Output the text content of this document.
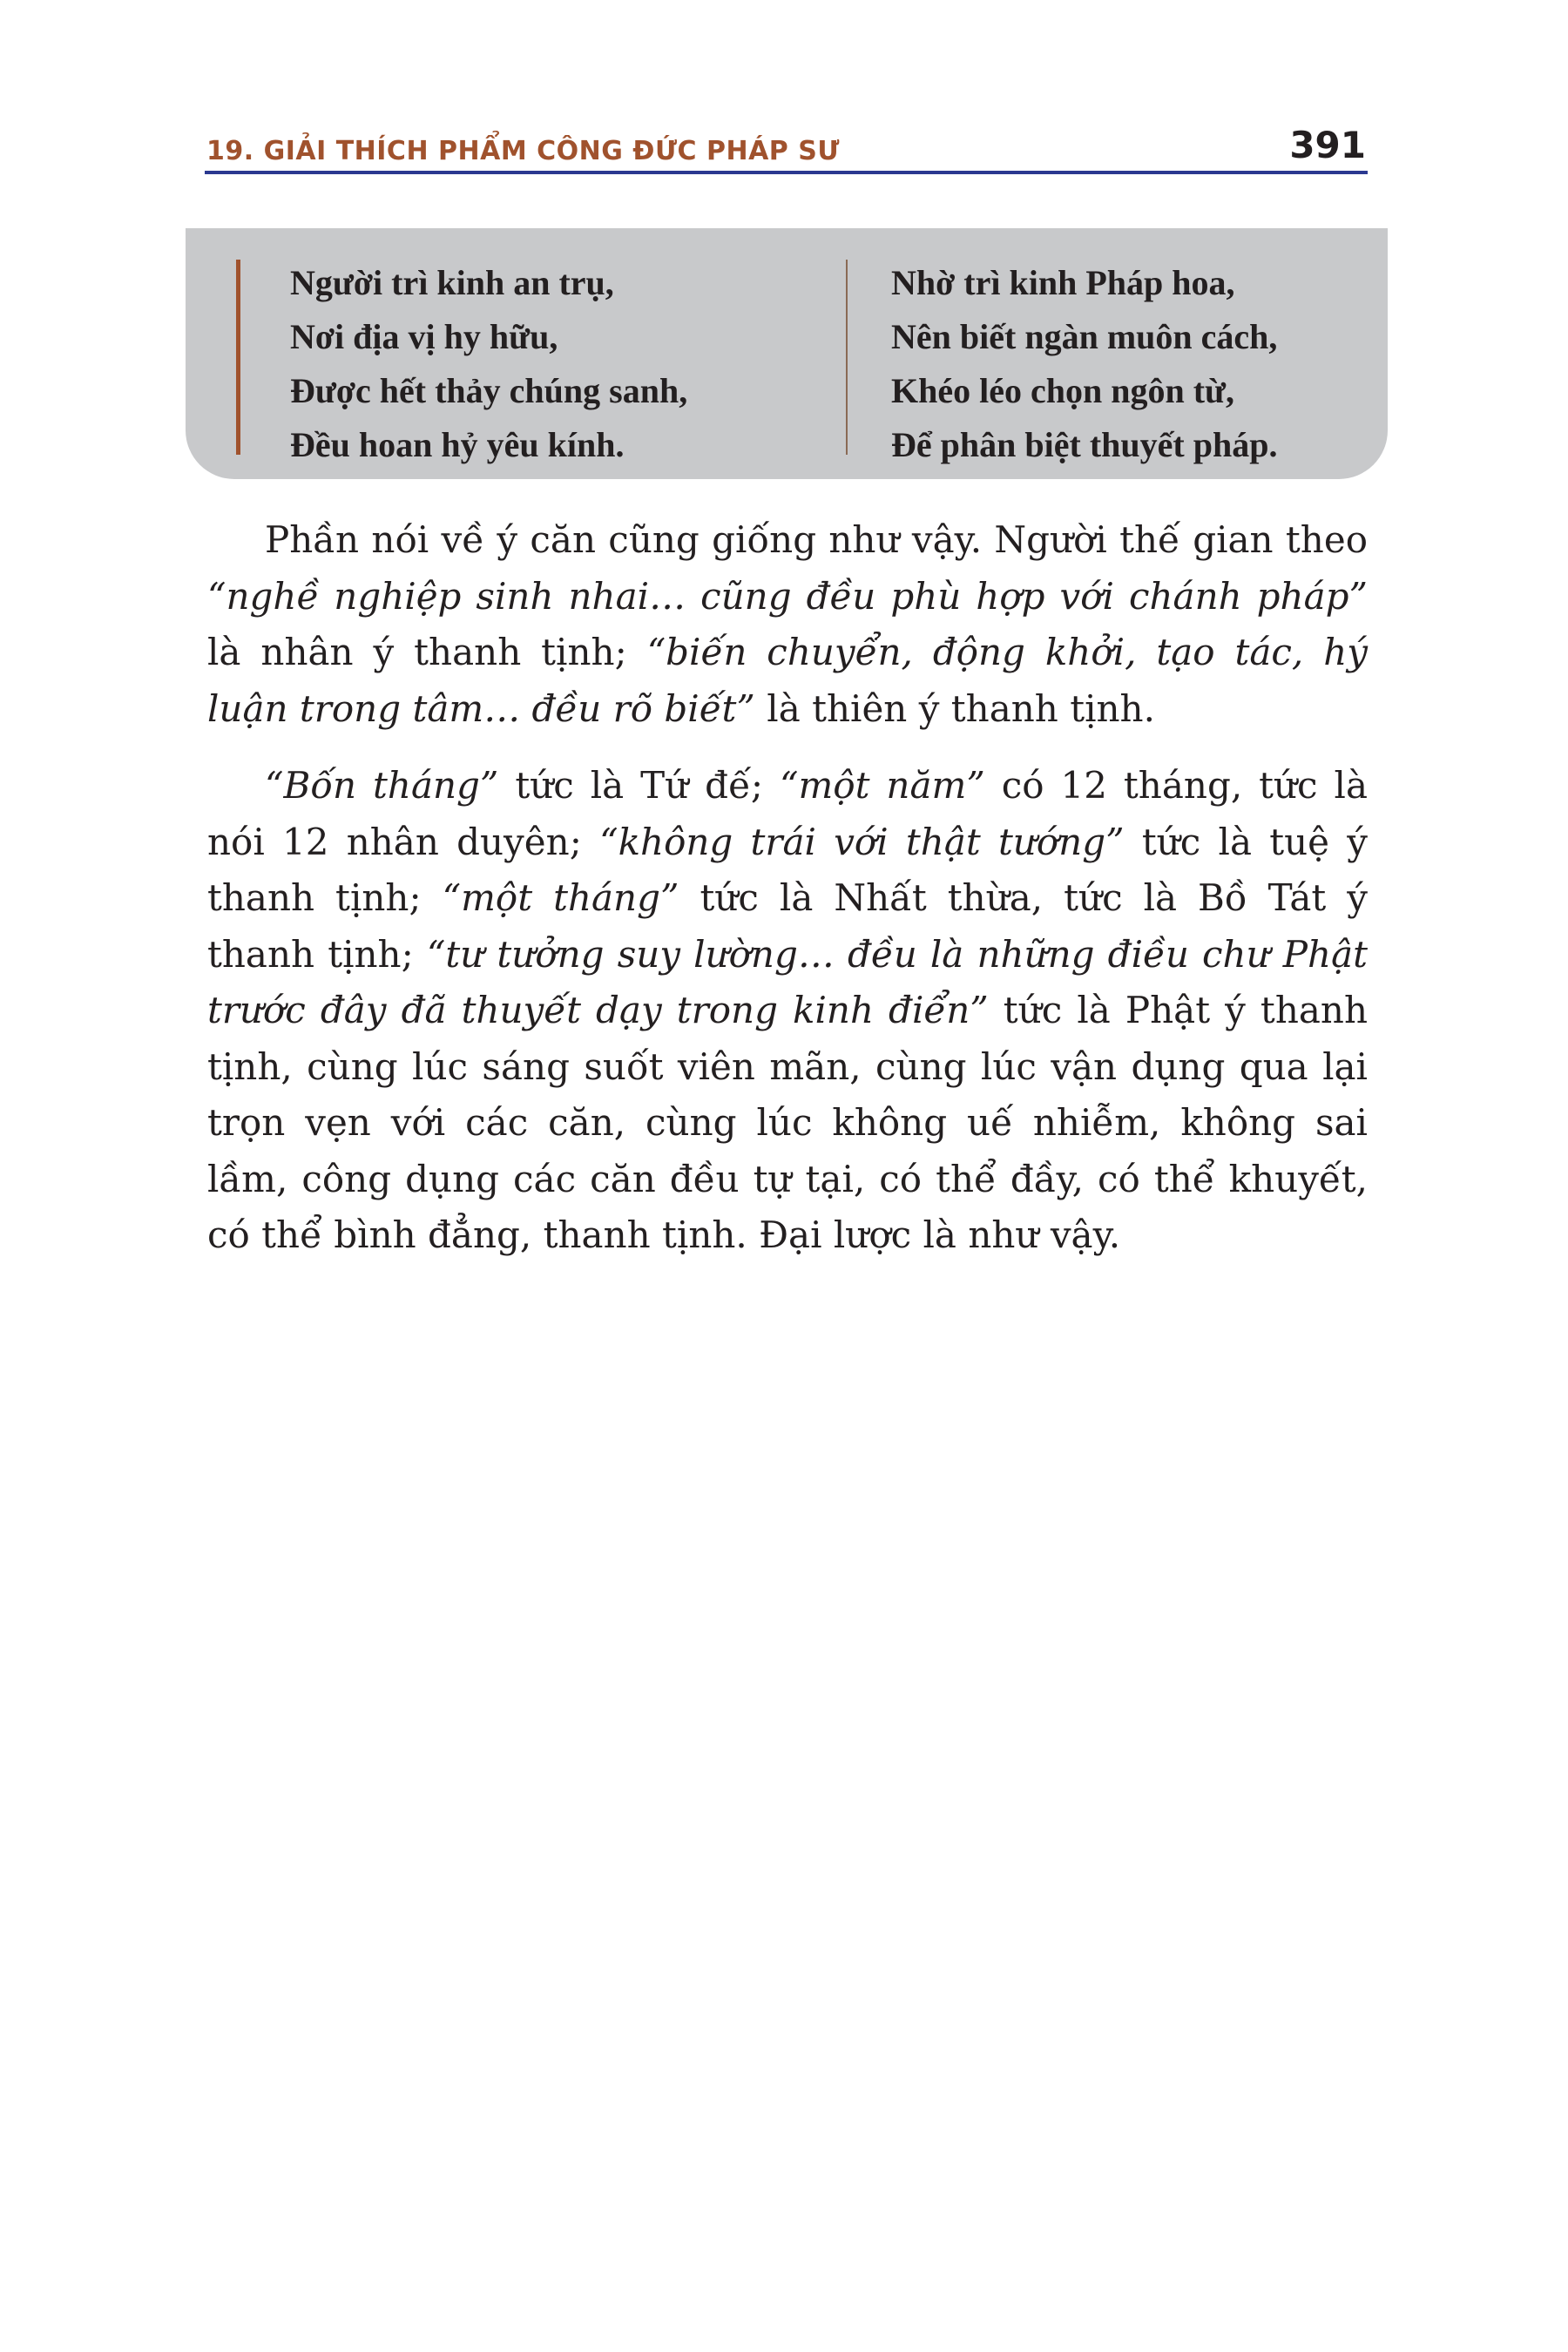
19. GIẢI THÍCH PHẨM CÔNG ĐỨC PHÁP SƯ	391
Người trì kinh an trụ,
Nơi địa vị hy hữu,
Được hết thảy chúng sanh,
Đều hoan hỷ yêu kính.
Nhờ trì kinh Pháp hoa,
Nên biết ngàn muôn cách,
Khéo léo chọn ngôn từ,
Để phân biệt thuyết pháp.

Phần nói về ý căn cũng giống như vậy. Người thế gian theo “nghề nghiệp sinh nhai… cũng đều phù hợp với chánh pháp” là nhân ý thanh tịnh; “biến chuyển, động khởi, tạo tác, hý luận trong tâm… đều rõ biết” là thiên ý thanh tịnh.

“Bốn tháng” tức là Tứ đế; “một năm” có 12 tháng, tức là nói 12 nhân duyên; “không trái với thật tướng” tức là tuệ ý thanh tịnh; “một tháng” tức là Nhất thừa, tức là Bồ Tát ý thanh tịnh; “tư tưởng suy lường… đều là những điều chư Phật trước đây đã thuyết dạy trong kinh điển” tức là Phật ý thanh tịnh, cùng lúc sáng suốt viên mãn, cùng lúc vận dụng qua lại trọn vẹn với các căn, cùng lúc không uế nhiễm, không sai lầm, công dụng các căn đều tự tại, có thể đầy, có thể khuyết, có thể bình đẳng, thanh tịnh. Đại lược là như vậy.
